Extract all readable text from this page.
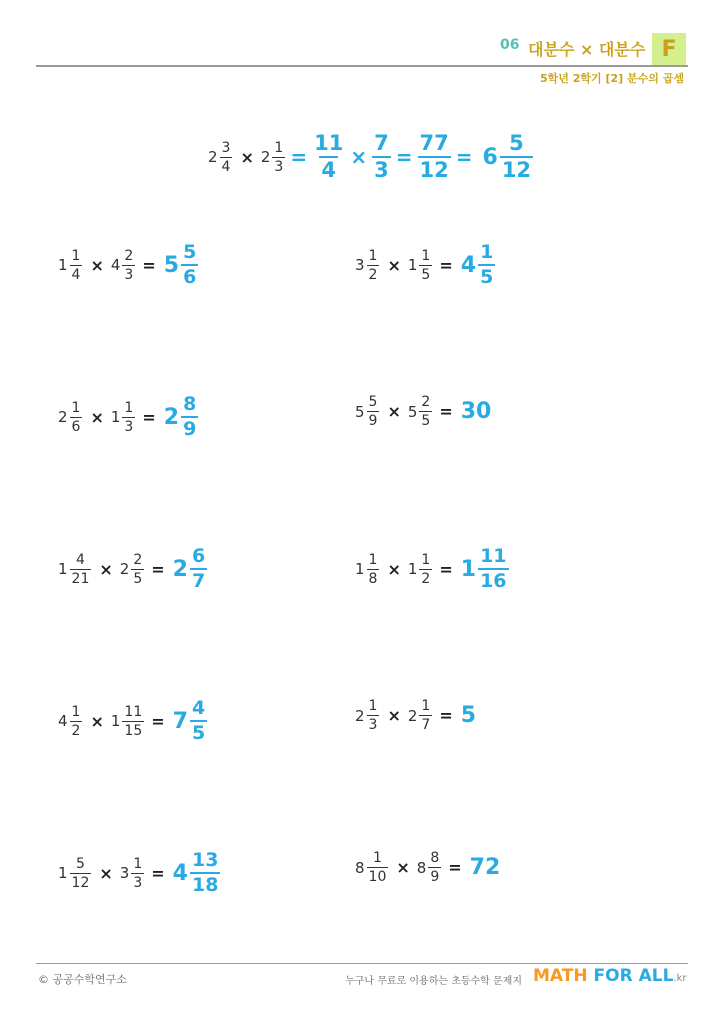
06 대분수 × 대분수 F
5학년 2학기 [2] 분수의 곱셈
$2 \frac{3}{4} \times 2 \frac{1}{3} = \frac{11}{4} \times \frac{7}{3} = \frac{77}{12} = 6 \frac{5}{12}$
$1 \frac{1}{4} \times 4 \frac{2}{3} = 5 \frac{5}{6}$	$3 \frac{1}{2} \times 1 \frac{1}{5} = 4 \frac{1}{5}$
$2 \frac{1}{6} \times 1 \frac{1}{3} = 2 \frac{8}{9}$	$5 \frac{5}{9} \times 5 \frac{2}{5} = 30$
$1 \frac{4}{21} \times 2 \frac{2}{5} = 2 \frac{6}{7}$	$1 \frac{1}{8} \times 1 \frac{1}{2} = 1 \frac{11}{16}$
$4 \frac{1}{2} \times 1 \frac{11}{15} = 7 \frac{4}{5}$	$2 \frac{1}{3} \times 2 \frac{1}{7} = 5$
$1 \frac{5}{12} \times 3 \frac{1}{3} = 4 \frac{13}{18}$	$8 \frac{1}{10} \times 8 \frac{8}{9} = 72$
© 공공수학연구소	누구나 무료로 이용하는 초등수학 문제지 MATH FOR ALL.kr
